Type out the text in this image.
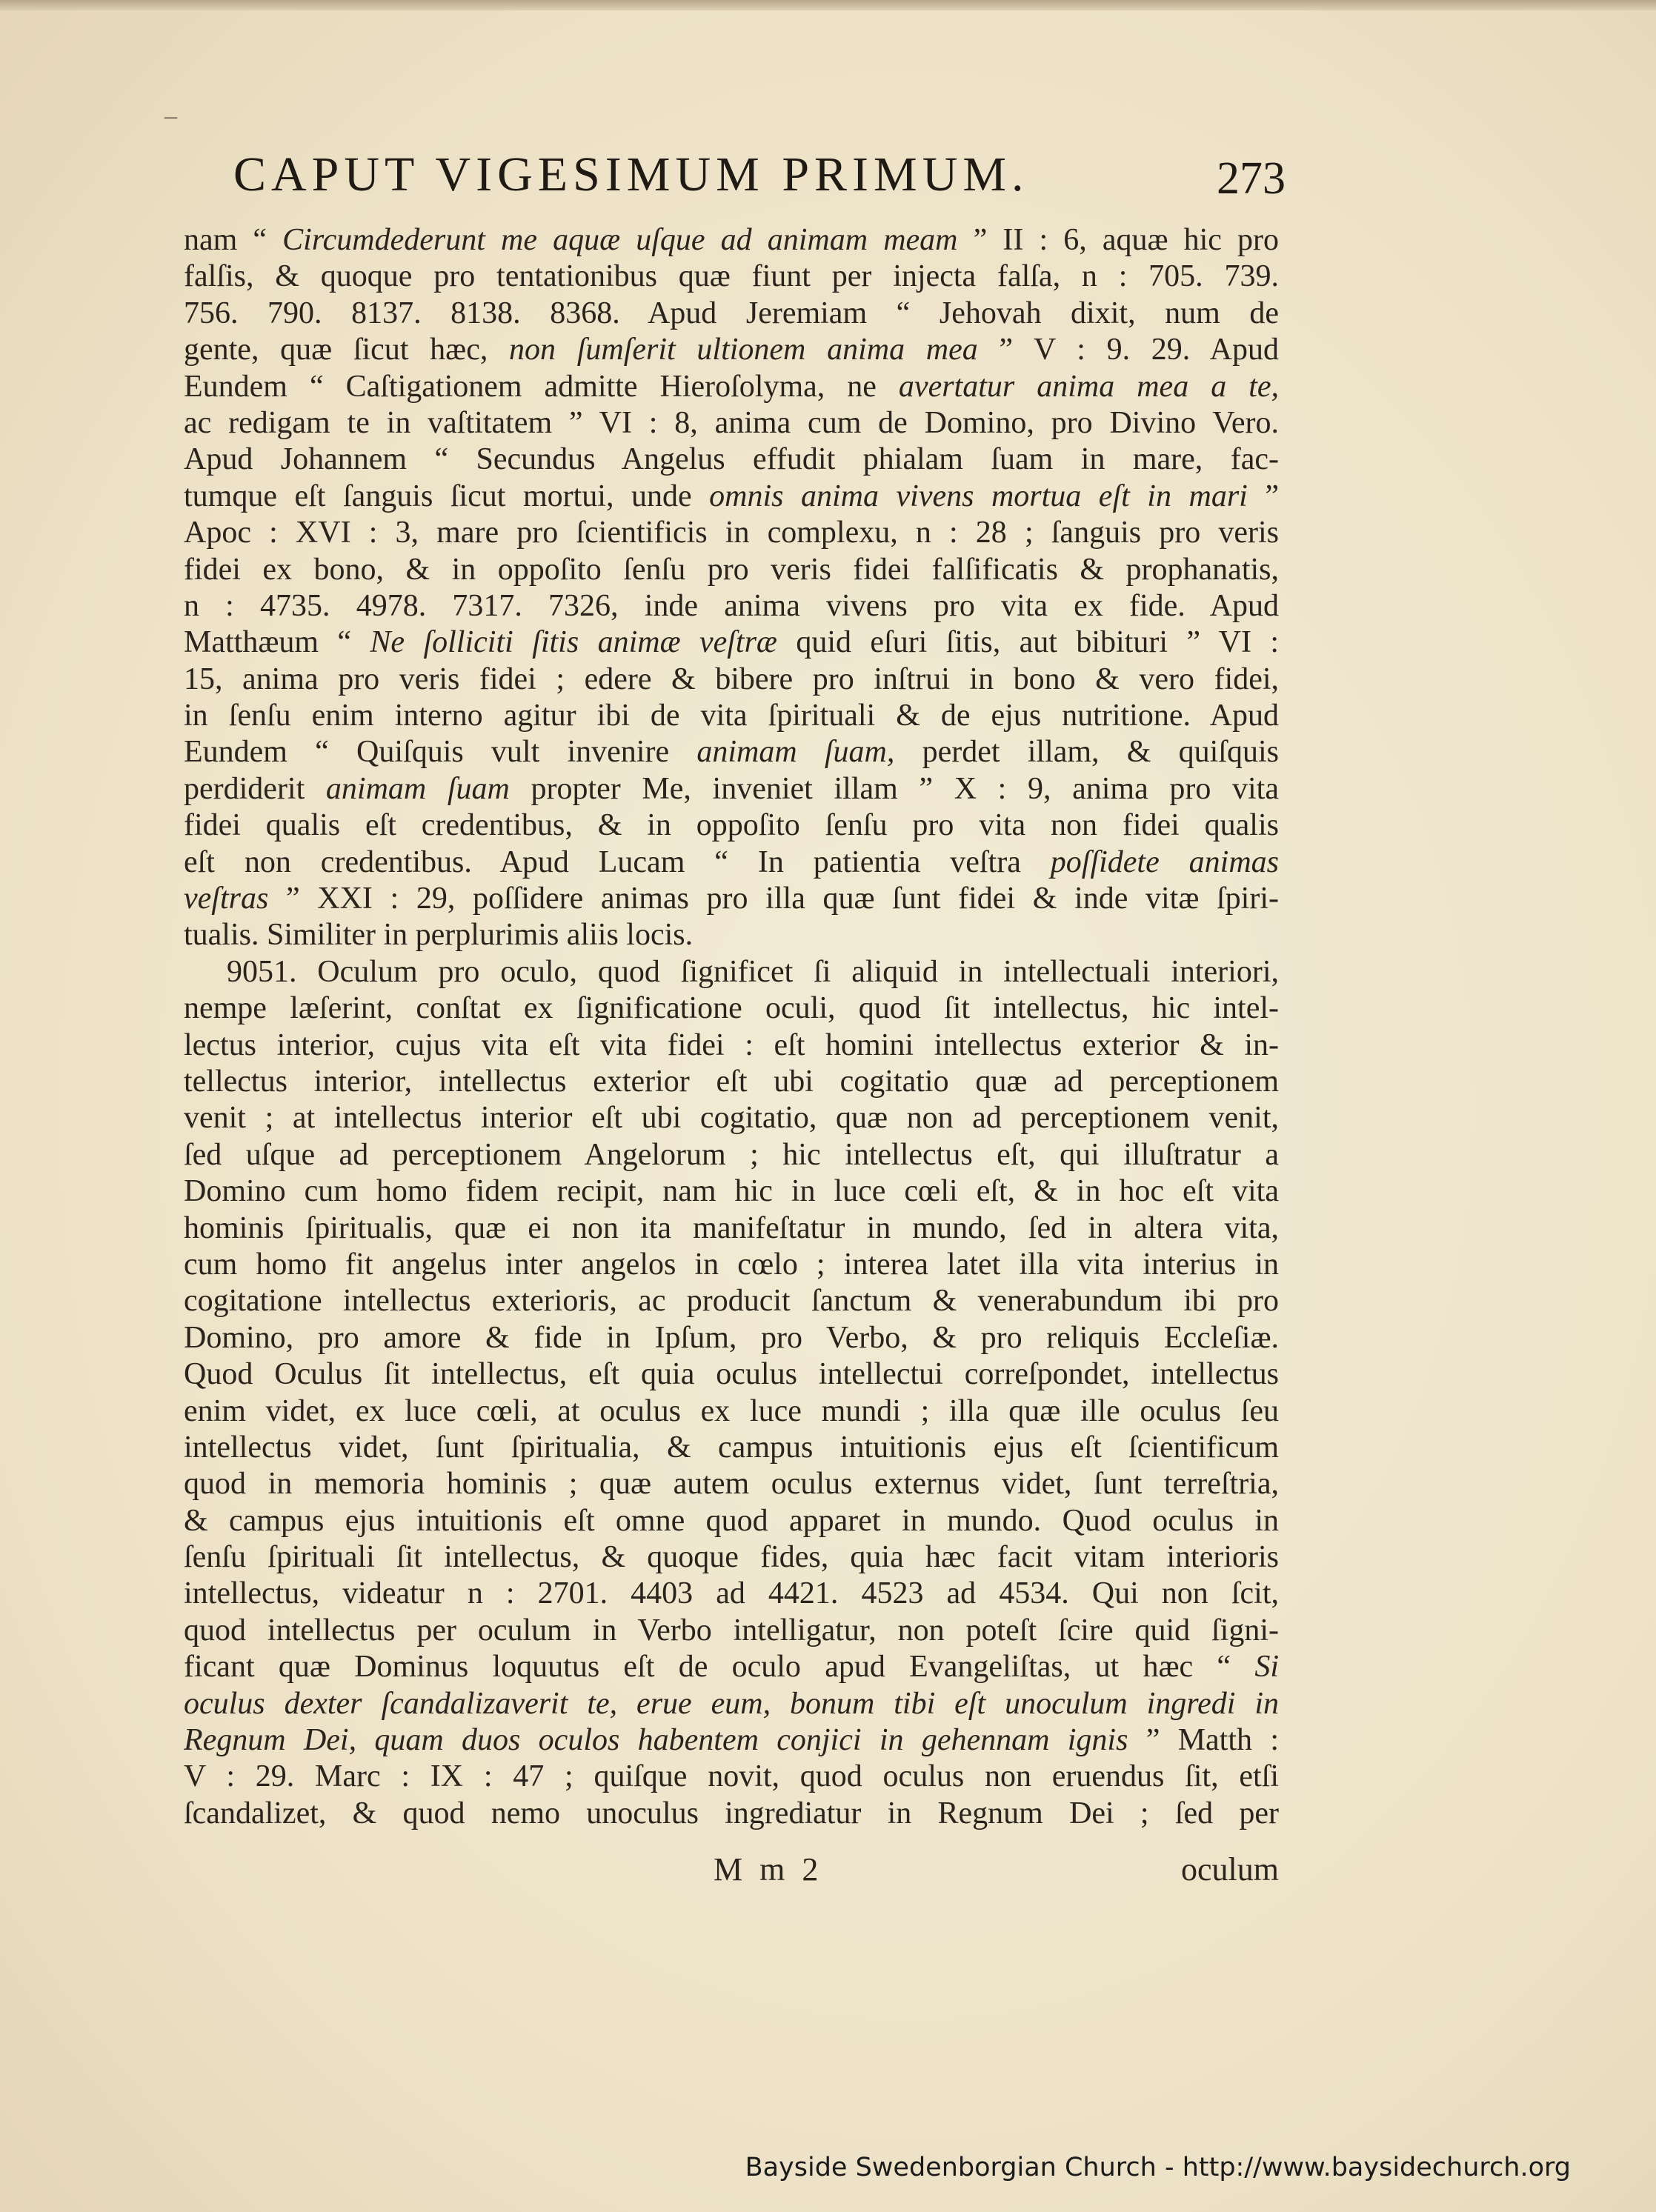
–
CAPUT VIGESIMUM PRIMUM.	273
nam “ Circumdederunt me aquæ uſque ad animam meam ” II : 6, aquæ hic pro
falſis, & quoque pro tentationibus quæ fiunt per injecta falſa, n : 705. 739.
756. 790. 8137. 8138. 8368. Apud Jeremiam “ Jehovah dixit, num de
gente, quæ ſicut hæc, non ſumſerit ultionem anima mea ” V : 9. 29. Apud
Eundem “ Caſtigationem admitte Hieroſolyma, ne avertatur anima mea a te,
ac redigam te in vaſtitatem ” VI : 8, anima cum de Domino, pro Divino Vero.
Apud Johannem “ Secundus Angelus effudit phialam ſuam in mare, fac-
tumque eſt ſanguis ſicut mortui, unde omnis anima vivens mortua eſt in mari ”
Apoc : XVI : 3, mare pro ſcientificis in complexu, n : 28 ; ſanguis pro veris
fidei ex bono, & in oppoſito ſenſu pro veris fidei falſificatis & prophanatis,
n : 4735. 4978. 7317. 7326, inde anima vivens pro vita ex fide. Apud
Matthæum “ Ne ſolliciti ſitis animæ veſtræ quid eſuri ſitis, aut bibituri ” VI :
15, anima pro veris fidei ; edere & bibere pro inſtrui in bono & vero fidei,
in ſenſu enim interno agitur ibi de vita ſpirituali & de ejus nutritione. Apud
Eundem “ Quiſquis vult invenire animam ſuam, perdet illam, & quiſquis
perdiderit animam ſuam propter Me, inveniet illam ” X : 9, anima pro vita
fidei qualis eſt credentibus, & in oppoſito ſenſu pro vita non fidei qualis
eſt non credentibus. Apud Lucam “ In patientia veſtra poſſidete animas
veſtras ” XXI : 29, poſſidere animas pro illa quæ ſunt fidei & inde vitæ ſpiri-
tualis. Similiter in perplurimis aliis locis.
9051. Oculum pro oculo, quod ſignificet ſi aliquid in intellectuali interiori,
nempe læſerint, conſtat ex ſignificatione oculi, quod ſit intellectus, hic intel-
lectus interior, cujus vita eſt vita fidei : eſt homini intellectus exterior & in-
tellectus interior, intellectus exterior eſt ubi cogitatio quæ ad perceptionem
venit ; at intellectus interior eſt ubi cogitatio, quæ non ad perceptionem venit,
ſed uſque ad perceptionem Angelorum ; hic intellectus eſt, qui illuſtratur a
Domino cum homo fidem recipit, nam hic in luce cœli eſt, & in hoc eſt vita
hominis ſpiritualis, quæ ei non ita manifeſtatur in mundo, ſed in altera vita,
cum homo fit angelus inter angelos in cœlo ; interea latet illa vita interius in
cogitatione intellectus exterioris, ac producit ſanctum & venerabundum ibi pro
Domino, pro amore & fide in Ipſum, pro Verbo, & pro reliquis Eccleſiæ.
Quod Oculus ſit intellectus, eſt quia oculus intellectui correſpondet, intellectus
enim videt, ex luce cœli, at oculus ex luce mundi ; illa quæ ille oculus ſeu
intellectus videt, ſunt ſpiritualia, & campus intuitionis ejus eſt ſcientificum
quod in memoria hominis ; quæ autem oculus externus videt, ſunt terreſtria,
& campus ejus intuitionis eſt omne quod apparet in mundo. Quod oculus in
ſenſu ſpirituali ſit intellectus, & quoque fides, quia hæc facit vitam interioris
intellectus, videatur n : 2701. 4403 ad 4421. 4523 ad 4534. Qui non ſcit,
quod intellectus per oculum in Verbo intelligatur, non poteſt ſcire quid ſigni-
ficant quæ Dominus loquutus eſt de oculo apud Evangeliſtas, ut hæc “ Si
oculus dexter ſcandalizaverit te, erue eum, bonum tibi eſt unoculum ingredi in
Regnum Dei, quam duos oculos habentem conjici in gehennam ignis ” Matth :
V : 29. Marc : IX : 47 ; quiſque novit, quod oculus non eruendus ſit, etſi
ſcandalizet, & quod nemo unoculus ingrediatur in Regnum Dei ; ſed per
M m 2	oculum
Bayside Swedenborgian Church - http://www.baysidechurch.org
